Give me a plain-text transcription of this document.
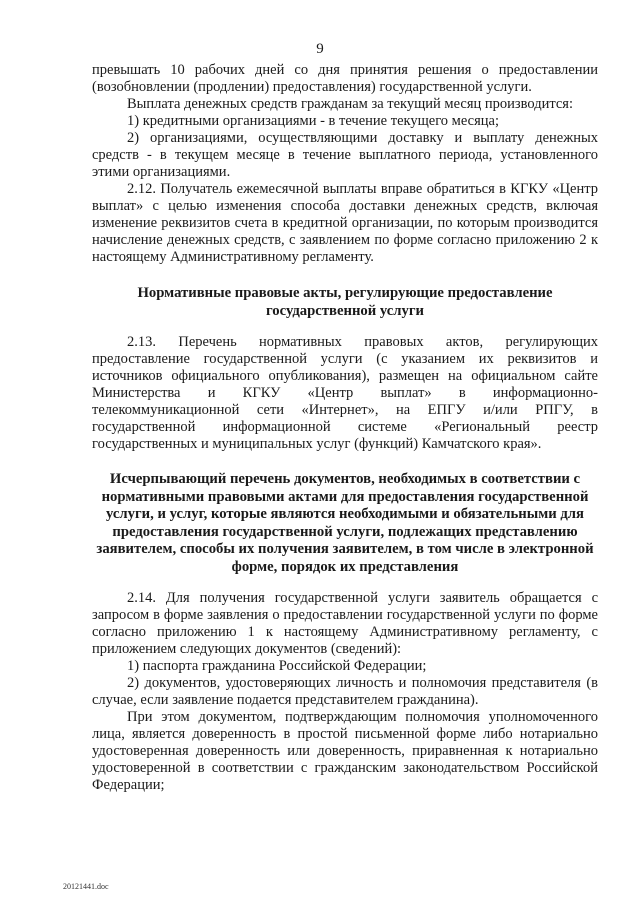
9

превышать 10 рабочих дней со дня принятия решения о предоставлении (возобновлении (продлении) предоставления) государственной услуги.

Выплата денежных средств гражданам за текущий месяц производится:

1) кредитными организациями - в течение текущего месяца;

2) организациями, осуществляющими доставку и выплату денежных средств - в текущем месяце в течение выплатного периода, установленного этими организациями.

2.12. Получатель ежемесячной выплаты вправе обратиться в КГКУ «Центр выплат» с целью изменения способа доставки денежных средств, включая изменение реквизитов счета в кредитной организации, по которым производится начисление денежных средств, с заявлением по форме согласно приложению 2 к настоящему Административному регламенту.

Нормативные правовые акты, регулирующие предоставление государственной услуги

2.13. Перечень нормативных правовых актов, регулирующих предоставление государственной услуги (с указанием их реквизитов и источников официального опубликования), размещен на официальном сайте Министерства и КГКУ «Центр выплат» в информационно-телекоммуникационной сети «Интернет», на ЕПГУ и/или РПГУ, в государственной информационной системе «Региональный реестр государственных и муниципальных услуг (функций) Камчатского края».

Исчерпывающий перечень документов, необходимых в соответствии с нормативными правовыми актами для предоставления государственной услуги, и услуг, которые являются необходимыми и обязательными для предоставления государственной услуги, подлежащих представлению заявителем, способы их получения заявителем, в том числе в электронной форме, порядок их представления

2.14. Для получения государственной услуги заявитель обращается с запросом в форме заявления о предоставлении государственной услуги по форме согласно приложению 1 к настоящему Административному регламенту, с приложением следующих документов (сведений):

1) паспорта гражданина Российской Федерации;

2) документов, удостоверяющих личность и полномочия представителя (в случае, если заявление подается представителем гражданина).

При этом документом, подтверждающим полномочия уполномоченного лица, является доверенность в простой письменной форме либо нотариально удостоверенная доверенность или доверенность, приравненная к нотариально удостоверенной в соответствии с гражданским законодательством Российской Федерации;

20121441.doc
